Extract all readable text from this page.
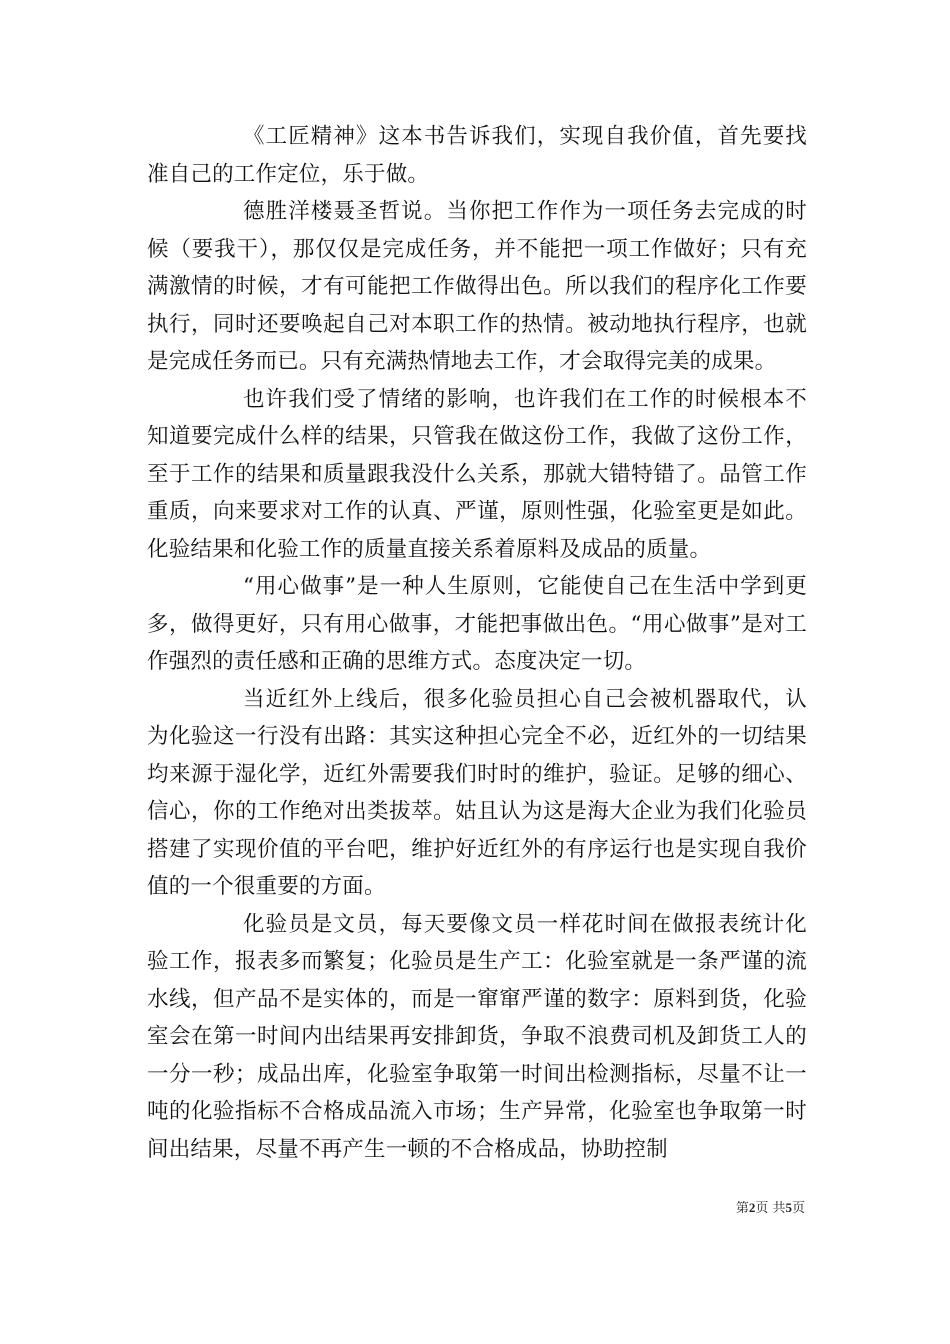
《工匠精神》这本书告诉我们，实现自我价值，首先要找准自己的工作定位，乐于做。

德胜洋楼聂圣哲说。当你把工作作为一项任务去完成的时候（要我干），那仅仅是完成任务，并不能把一项工作做好；只有充满激情的时候，才有可能把工作做得出色。所以我们的程序化工作要执行，同时还要唤起自己对本职工作的热情。被动地执行程序，也就是完成任务而已。只有充满热情地去工作，才会取得完美的成果。

也许我们受了情绪的影响，也许我们在工作的时候根本不知道要完成什么样的结果，只管我在做这份工作，我做了这份工作，至于工作的结果和质量跟我没什么关系，那就大错特错了。品管工作重质，向来要求对工作的认真、严谨，原则性强，化验室更是如此。化验结果和化验工作的质量直接关系着原料及成品的质量。

“用心做事”是一种人生原则，它能使自己在生活中学到更多，做得更好，只有用心做事，才能把事做出色。“用心做事”是对工作强烈的责任感和正确的思维方式。态度决定一切。

当近红外上线后，很多化验员担心自己会被机器取代，认为化验这一行没有出路：其实这种担心完全不必，近红外的一切结果均来源于湿化学，近红外需要我们时时的维护，验证。足够的细心、信心，你的工作绝对出类拔萃。姑且认为这是海大企业为我们化验员搭建了实现价值的平台吧，维护好近红外的有序运行也是实现自我价值的一个很重要的方面。

化验员是文员，每天要像文员一样花时间在做报表统计化验工作，报表多而繁复；化验员是生产工：化验室就是一条严谨的流水线，但产品不是实体的，而是一窜窜严谨的数字：原料到货，化验室会在第一时间内出结果再安排卸货，争取不浪费司机及卸货工人的一分一秒；成品出库，化验室争取第一时间出检测指标，尽量不让一吨的化验指标不合格成品流入市场；生产异常，化验室也争取第一时间出结果，尽量不再产生一顿的不合格成品，协助控制

第2页 共5页
